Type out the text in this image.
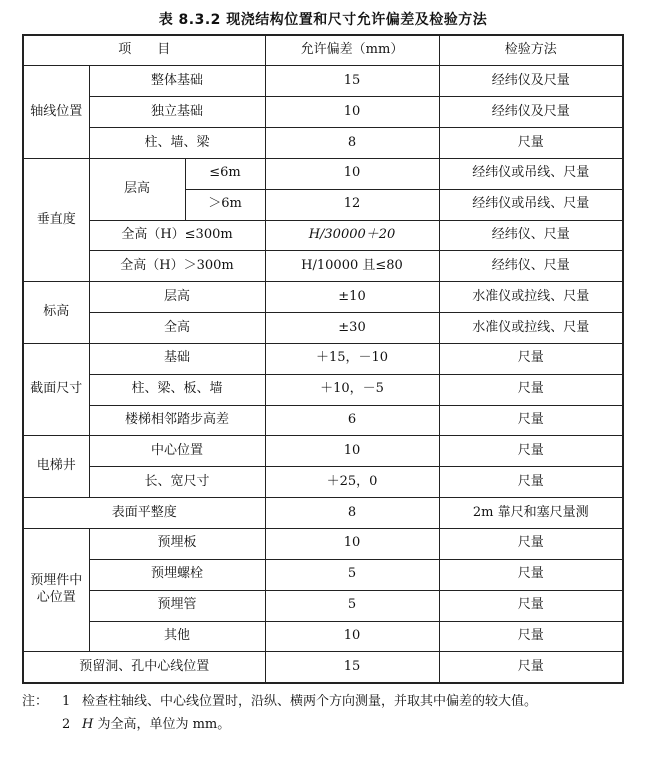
表 8.3.2 现浇结构位置和尺寸允许偏差及检验方法
项　　目			允许偏差（mm）	检验方法
轴线位置	整体基础		15	经纬仪及尺量
	独立基础		10	经纬仪及尺量
	柱、墙、梁		8	尺量
垂直度	层高	≤6m	10	经纬仪或吊线、尺量
		＞6m	12	经纬仪或吊线、尺量
	全高（H）≤300m		H/30000＋20	经纬仪、尺量
	全高（H）＞300m		H/10000 且≤80	经纬仪、尺量
标高	层高		±10	水准仪或拉线、尺量
	全高		±30	水准仪或拉线、尺量
截面尺寸	基础		＋15，－10	尺量
	柱、梁、板、墙		＋10，－5	尺量
	楼梯相邻踏步高差		6	尺量
电梯井	中心位置		10	尺量
	长、宽尺寸		＋25，0	尺量
表面平整度			8	2m 靠尺和塞尺量测
预埋件中心位置	预埋板		10	尺量
	预埋螺栓		5	尺量
	预埋管		5	尺量
	其他		10	尺量
预留洞、孔中心线位置			15	尺量
注：	1 检查柱轴线、中心线位置时，沿纵、横两个方向测量，并取其中偏差的较大值。
2 H 为全高，单位为 mm。
